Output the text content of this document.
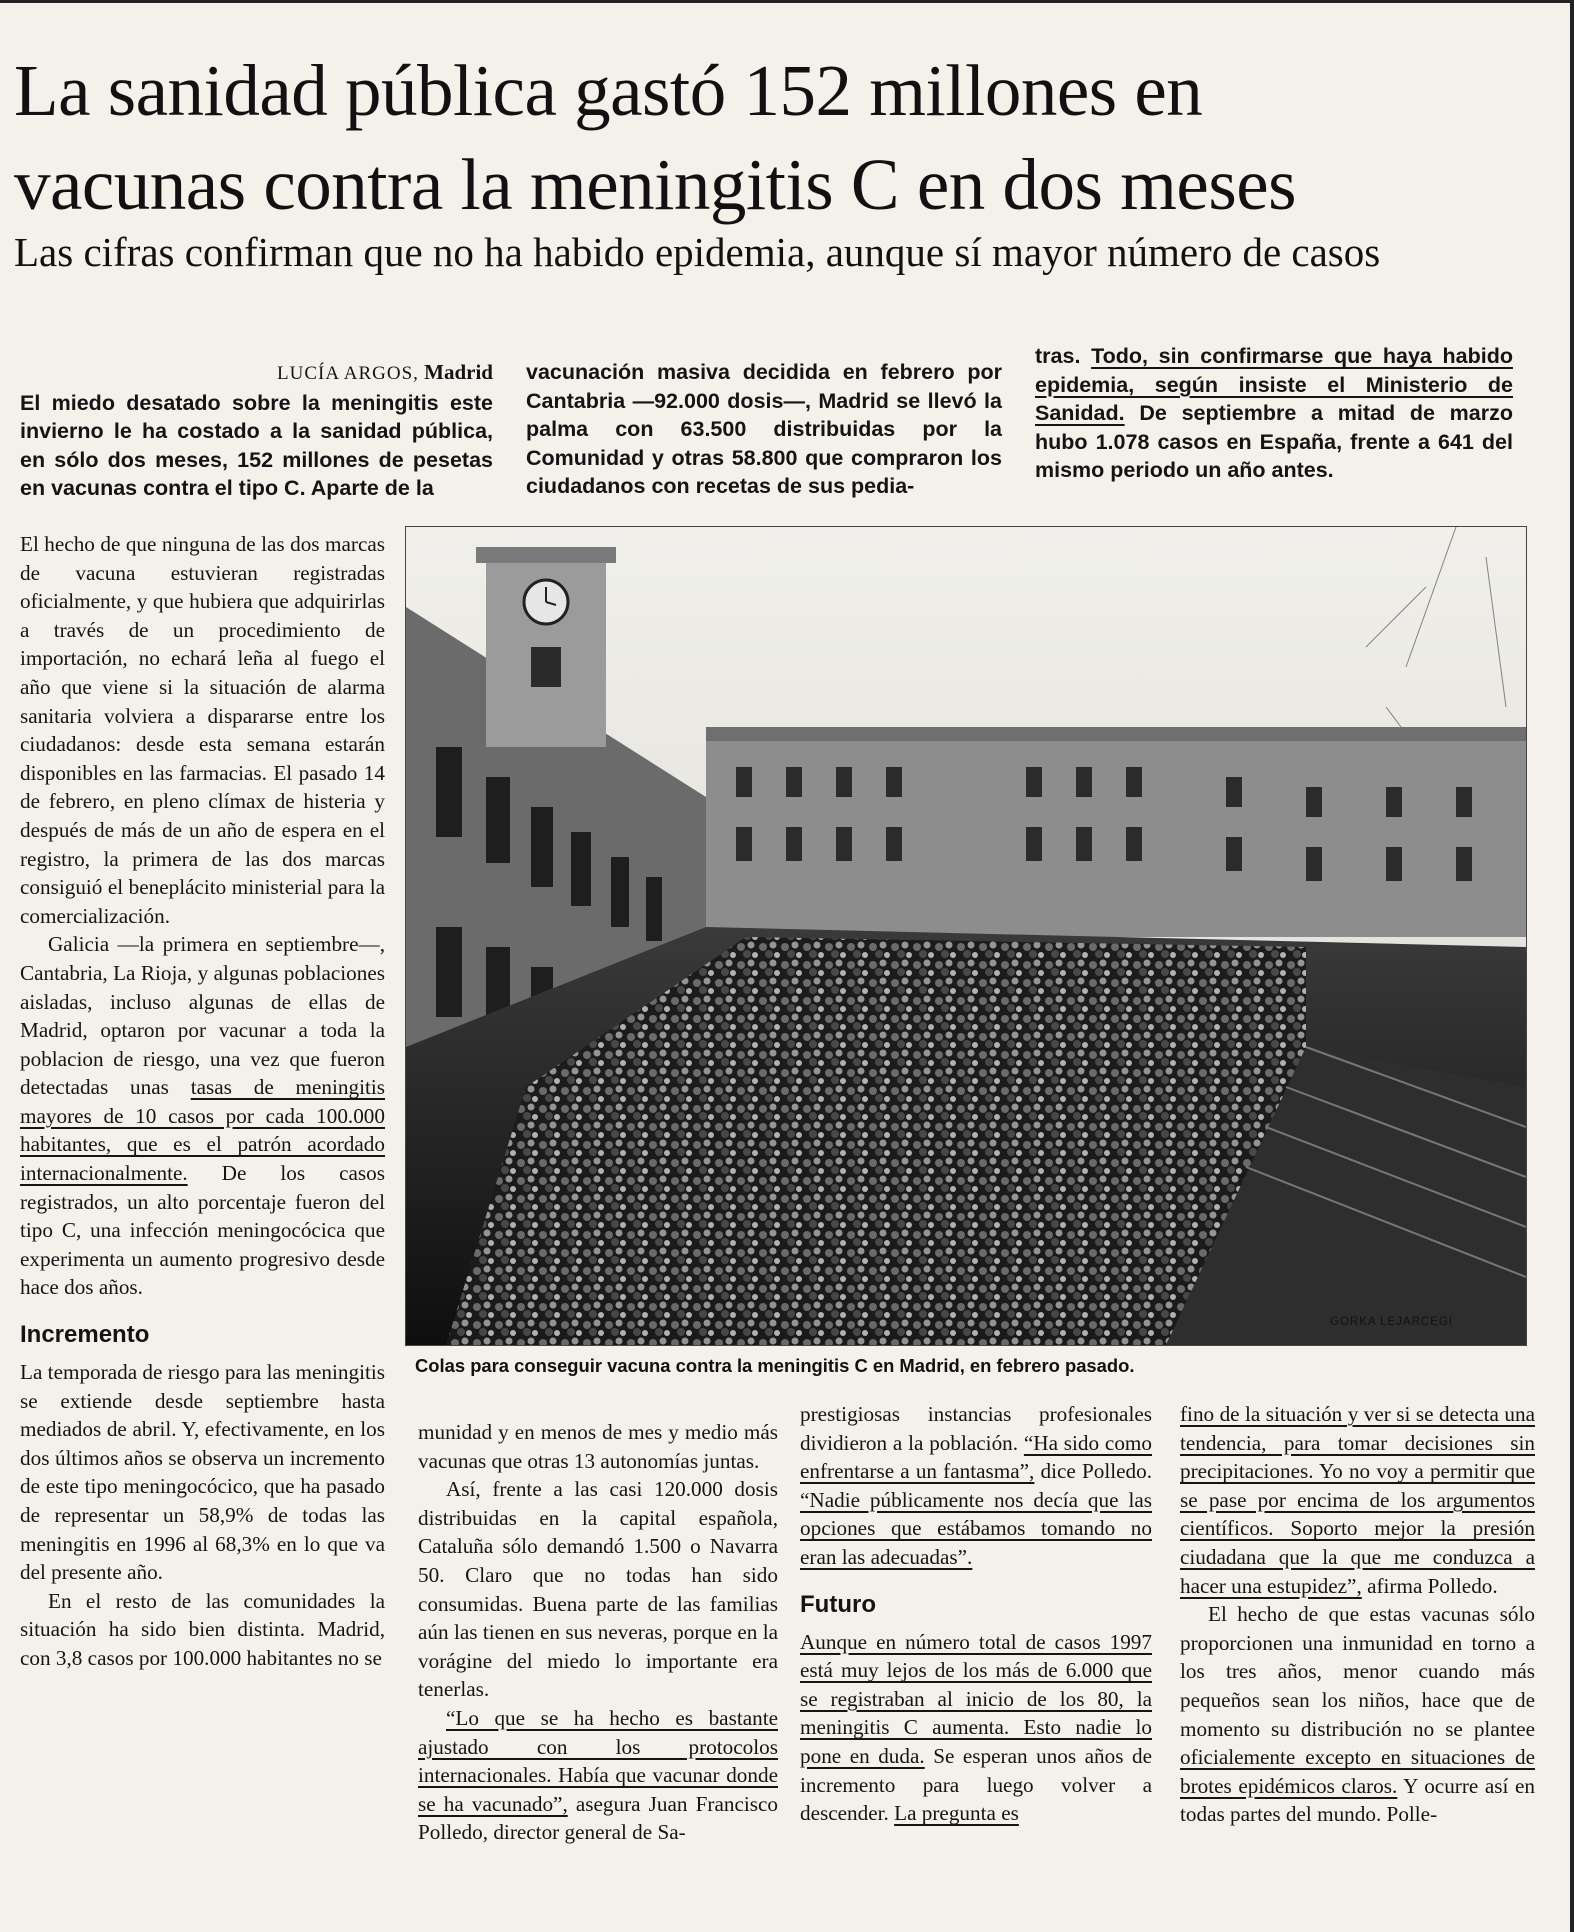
La sanidad pública gastó 152 millones en
vacunas contra la meningitis C en dos meses
Las cifras confirman que no ha habido epidemia, aunque sí mayor número de casos
LUCÍA ARGOS, Madrid

El miedo desatado sobre la meningitis este invierno le ha costado a la sanidad pública, en sólo dos meses, 152 millones de pesetas en vacunas contra el tipo C. Aparte de la

vacunación masiva decidida en febrero por Cantabria —92.000 dosis—, Madrid se llevó la palma con 63.500 distribuidas por la Comunidad y otras 58.800 que compraron los ciudadanos con recetas de sus pedia-

tras. Todo, sin confirmarse que haya habido epidemia, según insiste el Ministerio de Sanidad. De septiembre a mitad de marzo hubo 1.078 casos en España, frente a 641 del mismo periodo un año antes.

El hecho de que ninguna de las dos marcas de vacuna estuvieran registradas oficialmente, y que hubiera que adquirirlas a través de un procedimiento de importación, no echará leña al fuego el año que viene si la situación de alarma sanitaria volviera a dispararse entre los ciudadanos: desde esta semana estarán disponibles en las farmacias. El pasado 14 de febrero, en pleno clímax de histeria y después de más de un año de espera en el registro, la primera de las dos marcas consiguió el beneplácito ministerial para la comercialización.

Galicia —la primera en septiembre—, Cantabria, La Rioja, y algunas poblaciones aisladas, incluso algunas de ellas de Madrid, optaron por vacunar a toda la poblacion de riesgo, una vez que fueron detectadas unas tasas de meningitis mayores de 10 casos por cada 100.000 habitantes, que es el patrón acordado internacionalmente. De los casos registrados, un alto porcentaje fueron del tipo C, una infección meningocócica que experimenta un aumento progresivo desde hace dos años.

Incremento

La temporada de riesgo para las meningitis se extiende desde septiembre hasta mediados de abril. Y, efectivamente, en los dos últimos años se observa un incremento de este tipo meningocócico, que ha pasado de representar un 58,9% de todas las meningitis en 1996 al 68,3% en lo que va del presente año.

En el resto de las comunidades la situación ha sido bien distinta. Madrid, con 3,8 casos por 100.000 habitantes no se

GORKA LEJARCEGI
Colas para conseguir vacuna contra la meningitis C en Madrid, en febrero pasado.

munidad y en menos de mes y medio más vacunas que otras 13 autonomías juntas.

Así, frente a las casi 120.000 dosis distribuidas en la capital española, Cataluña sólo demandó 1.500 o Navarra 50. Claro que no todas han sido consumidas. Buena parte de las familias aún las tienen en sus neveras, porque en la vorágine del miedo lo importante era tenerlas.

“Lo que se ha hecho es bastante ajustado con los protocolos internacionales. Había que vacunar donde se ha vacunado”, asegura Juan Francisco Polledo, director general de Sa-

prestigiosas instancias profesionales dividieron a la población. “Ha sido como enfrentarse a un fantasma”, dice Polledo. “Nadie públicamente nos decía que las opciones que estábamos tomando no eran las adecuadas”.

Futuro

Aunque en número total de casos 1997 está muy lejos de los más de 6.000 que se registraban al inicio de los 80, la meningitis C aumenta. Esto nadie lo pone en duda. Se esperan unos años de incremento para luego volver a descender. La pregunta es

fino de la situación y ver si se detecta una tendencia, para tomar decisiones sin precipitaciones. Yo no voy a permitir que se pase por encima de los argumentos científicos. Soporto mejor la presión ciudadana que la que me conduzca a hacer una estupidez”, afirma Polledo.

El hecho de que estas vacunas sólo proporcionen una inmunidad en torno a los tres años, menor cuando más pequeños sean los niños, hace que de momento su distribución no se plantee oficialemente excepto en situaciones de brotes epidémicos claros. Y ocurre así en todas partes del mundo. Polle-
